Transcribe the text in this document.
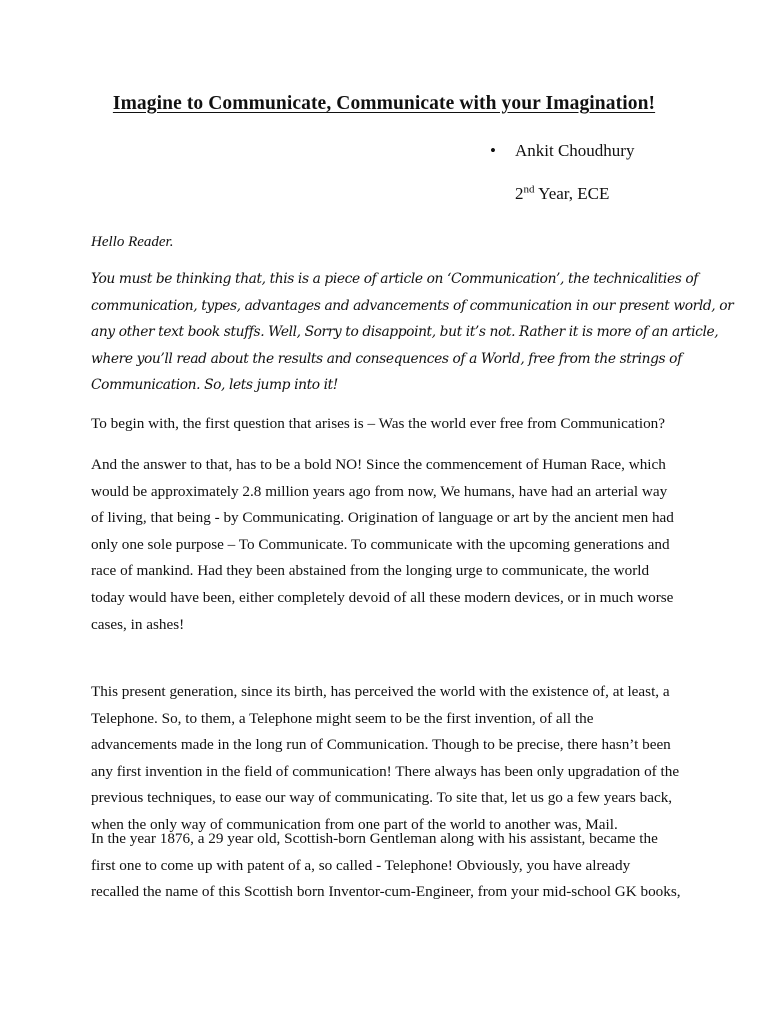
Imagine to Communicate, Communicate with your Imagination!
•	Ankit Choudhury
2nd Year, ECE
Hello Reader.
You must be thinking that, this is a piece of article on ‘Communication’, the technicalities of
communication, types, advantages and advancements of communication in our present world, or
any other text book stuffs. Well, Sorry to disappoint, but it’s not. Rather it is more of an article,
where you’ll read about the results and consequences of a World, free from the strings of
Communication. So, lets jump into it!
To begin with, the first question that arises is – Was the world ever free from Communication?
And the answer to that, has to be a bold NO! Since the commencement of Human Race, which
would be approximately 2.8 million years ago from now, We humans, have had an arterial way
of living, that being - by Communicating. Origination of language or art by the ancient men had
only one sole purpose – To Communicate. To communicate with the upcoming generations and
race of mankind. Had they been abstained from the longing urge to communicate, the world
today would have been, either completely devoid of all these modern devices, or in much worse
cases, in ashes!
This present generation, since its birth, has perceived the world with the existence of, at least, a
Telephone. So, to them, a Telephone might seem to be the first invention, of all the
advancements made in the long run of Communication. Though to be precise, there hasn’t been
any first invention in the field of communication! There always has been only upgradation of the
previous techniques, to ease our way of communicating. To site that, let us go a few years back,
when the only way of communication from one part of the world to another was, Mail.
In the year 1876, a 29 year old, Scottish-born Gentleman along with his assistant, became the
first one to come up with patent of a, so called - Telephone! Obviously, you have already
recalled the name of this Scottish born Inventor-cum-Engineer, from your mid-school GK books,
